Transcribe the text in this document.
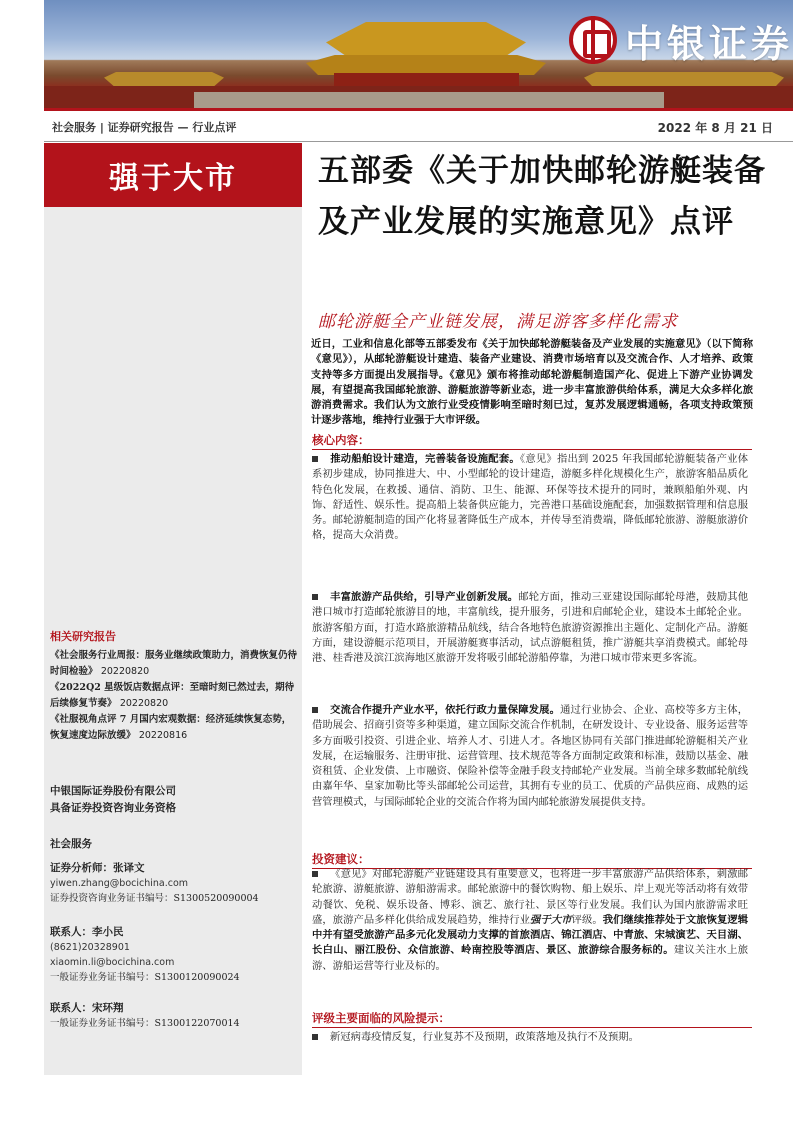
中银证券
社会服务 | 证券研究报告 — 行业点评	2022 年 8 月 21 日
强于大市
相关研究报告

《社会服务行业周报：服务业继续政策助力，消费恢复仍待时间检验》 20220820

《2022Q2 星级饭店数据点评：至暗时刻已然过去，期待后续修复节奏》 20220820

《社服视角点评 7 月国内宏观数据：经济延续恢复态势，恢复速度边际放缓》 20220816

中银国际证券股份有限公司
具备证券投资咨询业务资格
社会服务
证券分析师：张译文
yiwen.zhang@bocichina.com
证券投资咨询业务证书编号：S1300520090004
联系人：李小民
(8621)20328901
xiaomin.li@bocichina.com
一般证券业务证书编号：S1300120090024
联系人：宋环翔
一般证券业务证书编号：S1300122070014
五部委《关于加快邮轮游艇装备及产业发展的实施意见》点评
邮轮游艇全产业链发展，满足游客多样化需求
近日，工业和信息化部等五部委发布《关于加快邮轮游艇装备及产业发展的实施意见》（以下简称《意见》），从邮轮游艇设计建造、装备产业建设、消费市场培育以及交流合作、人才培养、政策支持等多方面提出发展指导。《意见》颁布将推动邮轮游艇制造国产化、促进上下游产业协调发展，有望提高我国邮轮旅游、游艇旅游等新业态，进一步丰富旅游供给体系，满足大众多样化旅游消费需求。我们认为文旅行业受疫情影响至暗时刻已过，复苏发展逻辑通畅，各项支持政策预计逐步落地，维持行业强于大市评级。
核心内容：
推动船舶设计建造，完善装备设施配套。《意见》指出到 2025 年我国邮轮游艇装备产业体系初步建成，协同推进大、中、小型邮轮的设计建造，游艇多样化规模化生产，旅游客船品质化特色化发展，在救援、通信、消防、卫生、能源、环保等技术提升的同时，兼顾船舶外观、内饰、舒适性、娱乐性。提高船上装备供应能力，完善港口基础设施配套，加强数据管理和信息服务。邮轮游艇制造的国产化将显著降低生产成本，并传导至消费端，降低邮轮旅游、游艇旅游价格，提高大众消费。
丰富旅游产品供给，引导产业创新发展。邮轮方面，推动三亚建设国际邮轮母港，鼓励其他港口城市打造邮轮旅游目的地，丰富航线，提升服务，引进和启邮轮企业，建设本土邮轮企业。旅游客船方面，打造水路旅游精品航线，结合各地特色旅游资源推出主题化、定制化产品。游艇方面，建设游艇示范项目，开展游艇赛事活动，试点游艇租赁，推广游艇共享消费模式。邮轮母港、桂香港及滨江滨海地区旅游开发将吸引邮轮游船停靠，为港口城市带来更多客流。
交流合作提升产业水平，依托行政力量保障发展。通过行业协会、企业、高校等多方主体，借助展会、招商引资等多种渠道，建立国际交流合作机制，在研发设计、专业设备、服务运营等多方面吸引投资、引进企业、培养人才、引进人才。各地区协同有关部门推进邮轮游艇相关产业发展，在运输服务、注册审批、运营管理、技术规范等各方面制定政策和标准，鼓励以基金、融资租赁、企业发债、上市融资、保险补偿等金融手段支持邮轮产业发展。当前全球多数邮轮航线由嘉年华、皇家加勒比等头部邮轮公司运营，其拥有专业的员工、优质的产品供应商、成熟的运营管理模式，与国际邮轮企业的交流合作将为国内邮轮旅游发展提供支持。
投资建议：
《意见》对邮轮游艇产业链建设具有重要意义，也将进一步丰富旅游产品供给体系，刺激邮轮旅游、游艇旅游、游船游需求。邮轮旅游中的餐饮购物、船上娱乐、岸上观光等活动将有效带动餐饮、免税、娱乐设备、博彩、演艺、旅行社、景区等行业发展。我们认为国内旅游需求旺盛，旅游产品多样化供给成发展趋势，维持行业强于大市评级。我们继续推荐处于文旅恢复逻辑中并有望受旅游产品多元化发展动力支撑的首旅酒店、锦江酒店、中青旅、宋城演艺、天目湖、长白山、丽江股份、众信旅游、岭南控股等酒店、景区、旅游综合服务标的。建议关注水上旅游、游船运营等行业及标的。
评级主要面临的风险提示：
新冠病毒疫情反复，行业复苏不及预期，政策落地及执行不及预期。
